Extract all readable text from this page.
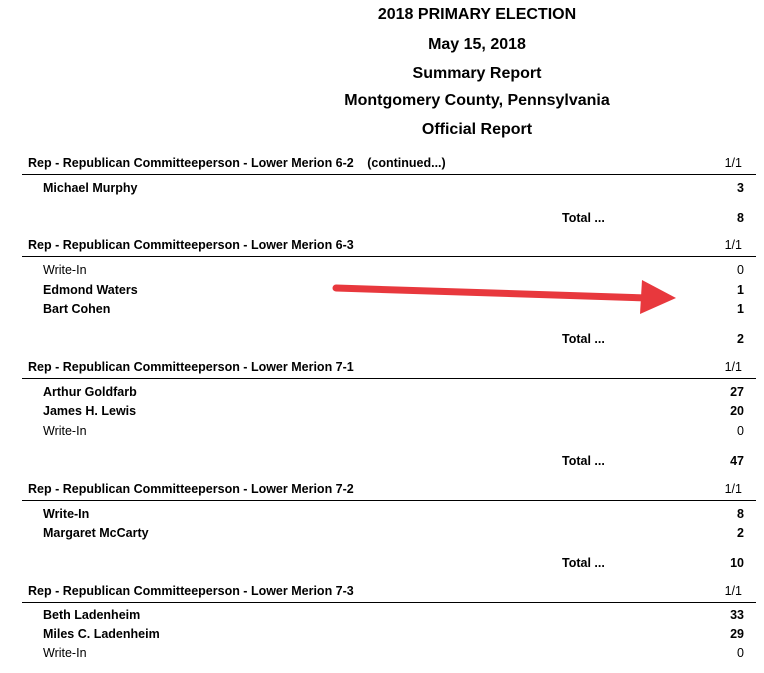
2018 PRIMARY ELECTION
May 15, 2018
Summary Report
Montgomery County, Pennsylvania
Official Report
Rep - Republican Committeeperson - Lower Merion 6-2 (continued...)	1/1
Michael Murphy	3
Total ...	8
Rep - Republican Committeeperson - Lower Merion 6-3	1/1
Write-In	0
Edmond Waters	1
Bart Cohen	1
Total ...	2
Rep - Republican Committeeperson - Lower Merion 7-1	1/1
Arthur Goldfarb	27
James H. Lewis	20
Write-In	0
Total ...	47
Rep - Republican Committeeperson - Lower Merion 7-2	1/1
Write-In	8
Margaret McCarty	2
Total ...	10
Rep - Republican Committeeperson - Lower Merion 7-3	1/1
Beth Ladenheim	33
Miles C. Ladenheim	29
Write-In	0
